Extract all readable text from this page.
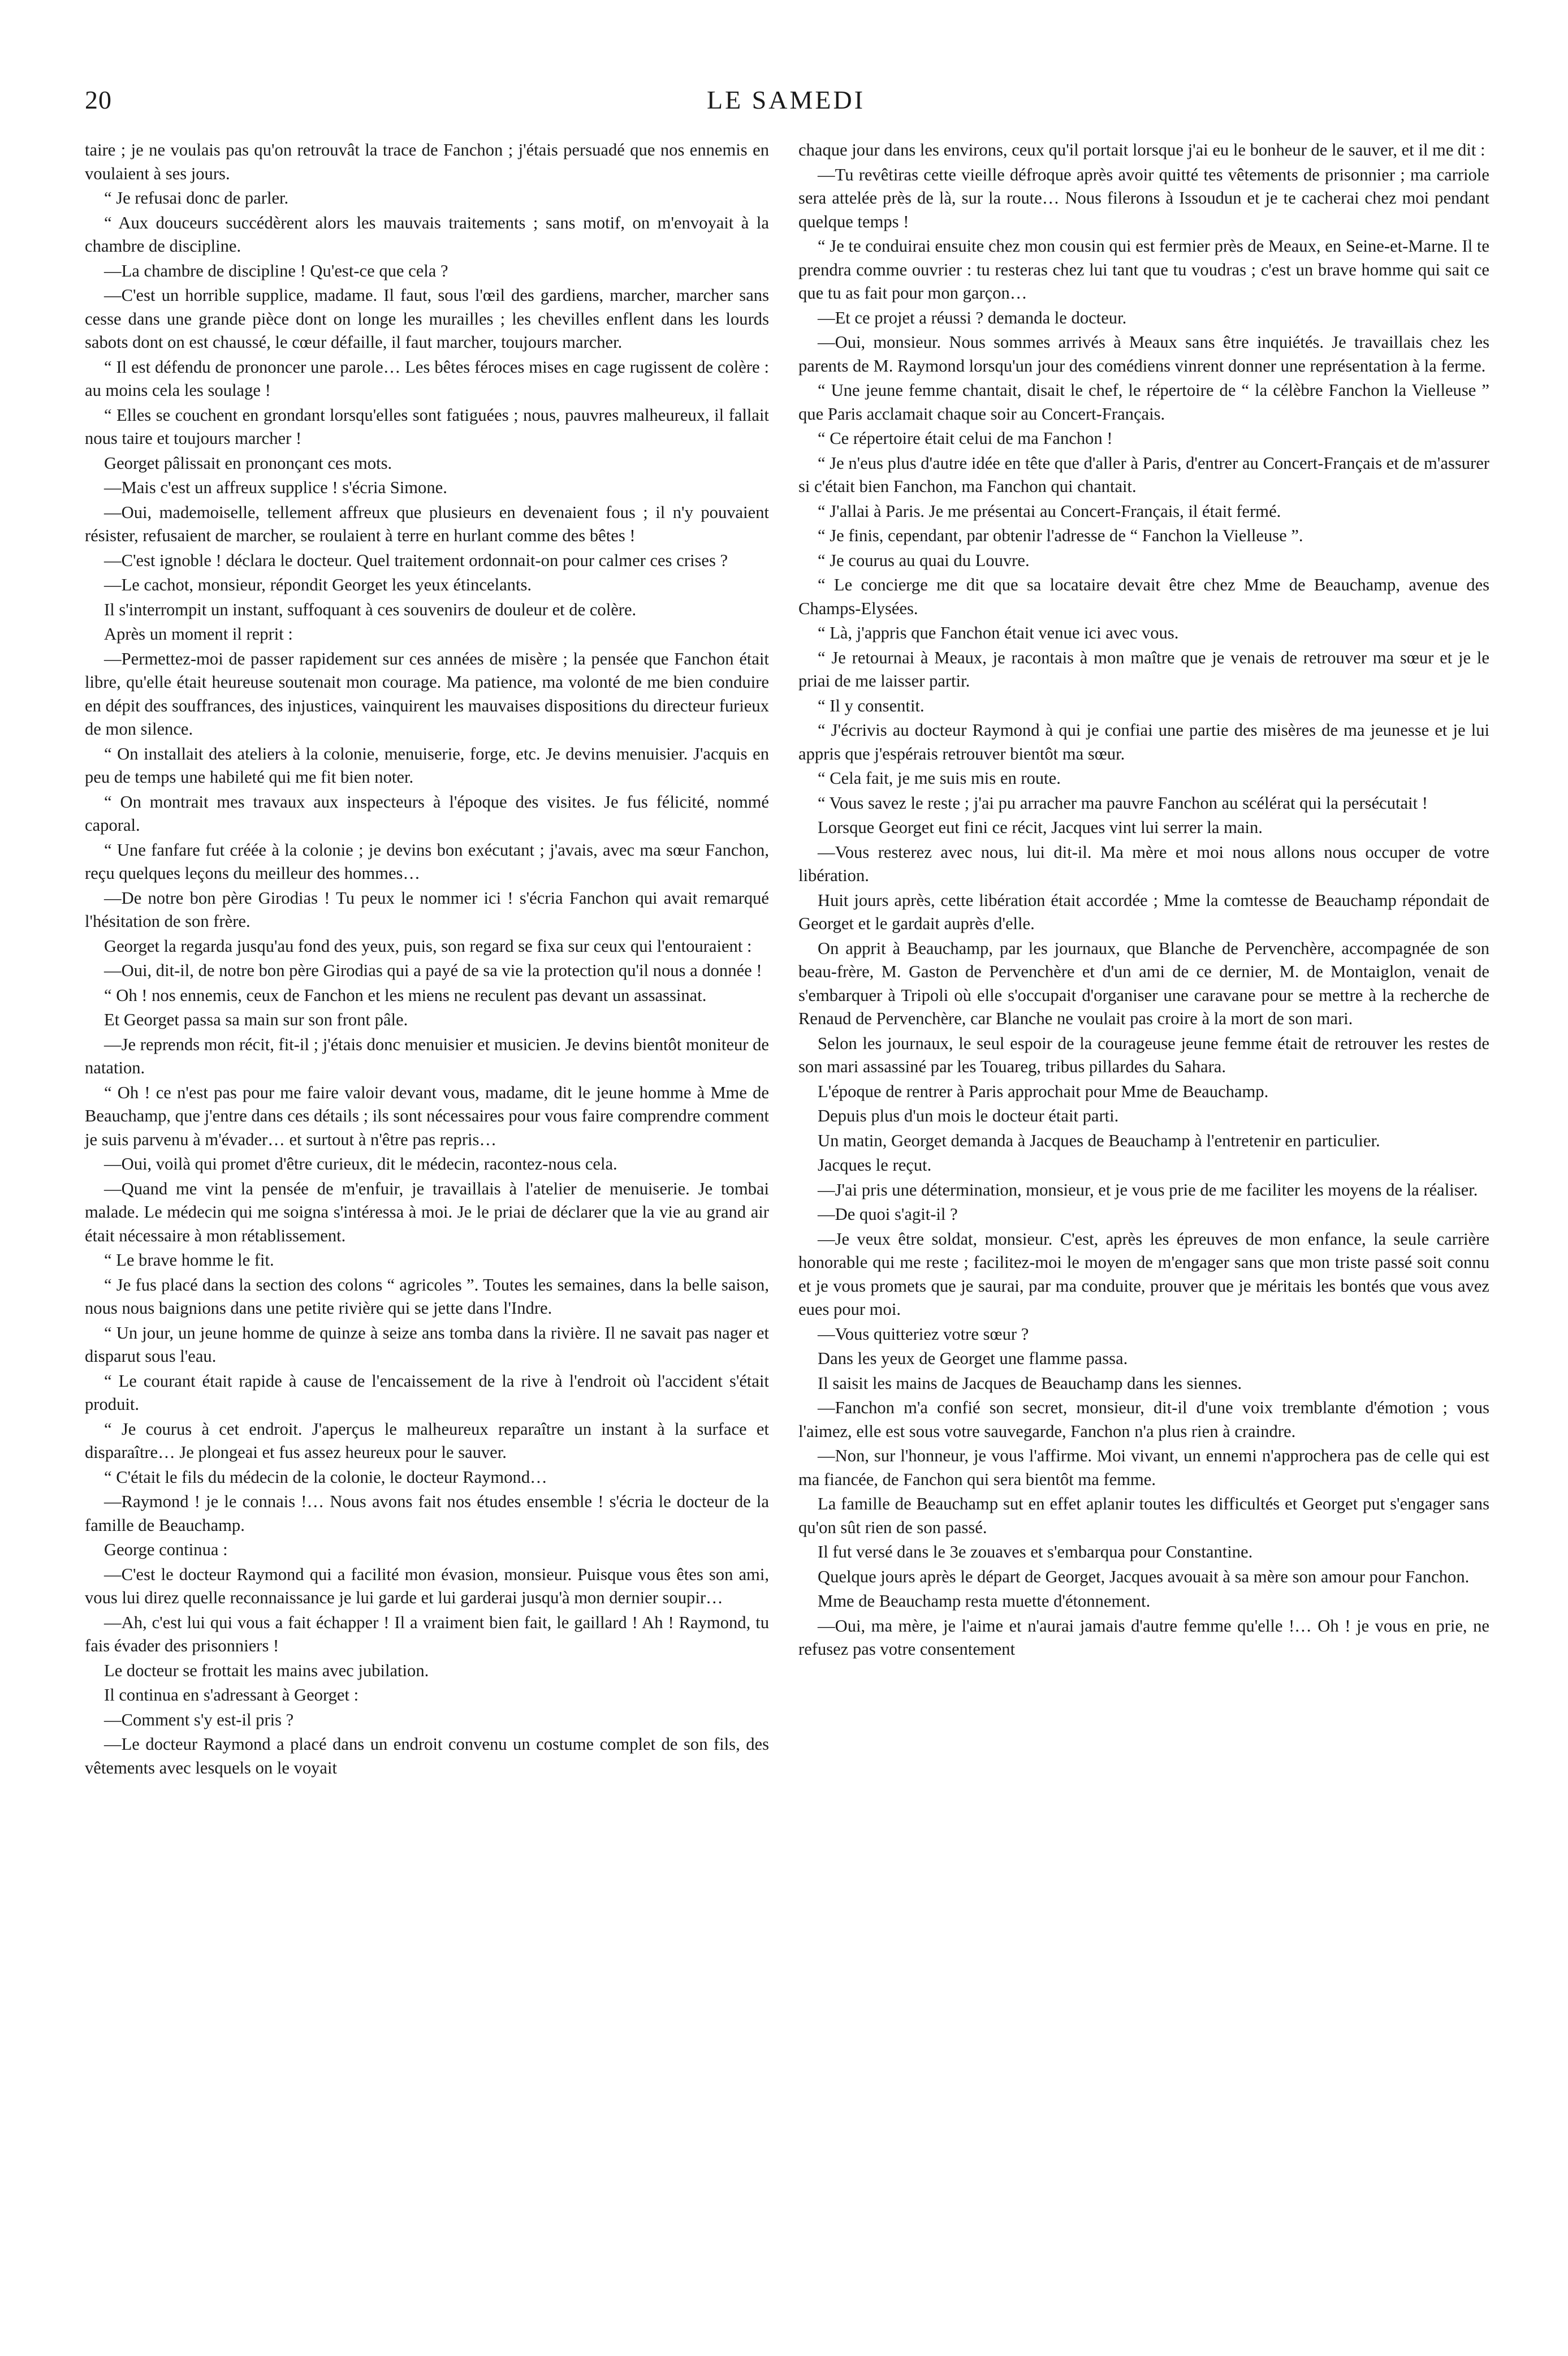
20	LE SAMEDI

taire ; je ne voulais pas qu'on retrouvât la trace de Fanchon ; j'étais persuadé que nos ennemis en voulaient à ses jours.

“ Je refusai donc de parler.

“ Aux douceurs succédèrent alors les mauvais traitements ; sans motif, on m'envoyait à la chambre de discipline.

—La chambre de discipline ! Qu'est-ce que cela ?

—C'est un horrible supplice, madame. Il faut, sous l'œil des gardiens, marcher, marcher sans cesse dans une grande pièce dont on longe les murailles ; les chevilles enflent dans les lourds sabots dont on est chaussé, le cœur défaille, il faut marcher, toujours marcher.

“ Il est défendu de prononcer une parole… Les bêtes féroces mises en cage rugissent de colère : au moins cela les soulage !

“ Elles se couchent en grondant lorsqu'elles sont fatiguées ; nous, pauvres malheureux, il fallait nous taire et toujours marcher !

Georget pâlissait en prononçant ces mots.

—Mais c'est un affreux supplice ! s'écria Simone.

—Oui, mademoiselle, tellement affreux que plusieurs en devenaient fous ; il n'y pouvaient résister, refusaient de marcher, se roulaient à terre en hurlant comme des bêtes !

—C'est ignoble ! déclara le docteur. Quel traitement ordonnait-on pour calmer ces crises ?

—Le cachot, monsieur, répondit Georget les yeux étincelants.

Il s'interrompit un instant, suffoquant à ces souvenirs de douleur et de colère.

Après un moment il reprit :

—Permettez-moi de passer rapidement sur ces années de misère ; la pensée que Fanchon était libre, qu'elle était heureuse soutenait mon courage. Ma patience, ma volonté de me bien conduire en dépit des souffrances, des injustices, vainquirent les mauvaises dispositions du directeur furieux de mon silence.

“ On installait des ateliers à la colonie, menuiserie, forge, etc. Je devins menuisier. J'acquis en peu de temps une habileté qui me fit bien noter.

“ On montrait mes travaux aux inspecteurs à l'époque des visites. Je fus félicité, nommé caporal.

“ Une fanfare fut créée à la colonie ; je devins bon exécutant ; j'avais, avec ma sœur Fanchon, reçu quelques leçons du meilleur des hommes…

—De notre bon père Girodias ! Tu peux le nommer ici ! s'écria Fanchon qui avait remarqué l'hésitation de son frère.

Georget la regarda jusqu'au fond des yeux, puis, son regard se fixa sur ceux qui l'entouraient :

—Oui, dit-il, de notre bon père Girodias qui a payé de sa vie la protection qu'il nous a donnée !

“ Oh ! nos ennemis, ceux de Fanchon et les miens ne reculent pas devant un assassinat.

Et Georget passa sa main sur son front pâle.

—Je reprends mon récit, fit-il ; j'étais donc menuisier et musicien. Je devins bientôt moniteur de natation.

“ Oh ! ce n'est pas pour me faire valoir devant vous, madame, dit le jeune homme à Mme de Beauchamp, que j'entre dans ces détails ; ils sont nécessaires pour vous faire comprendre comment je suis parvenu à m'évader… et surtout à n'être pas repris…

—Oui, voilà qui promet d'être curieux, dit le médecin, racontez-nous cela.

—Quand me vint la pensée de m'enfuir, je travaillais à l'atelier de menuiserie. Je tombai malade. Le médecin qui me soigna s'intéressa à moi. Je le priai de déclarer que la vie au grand air était nécessaire à mon rétablissement.

“ Le brave homme le fit.

“ Je fus placé dans la section des colons “ agricoles ”. Toutes les semaines, dans la belle saison, nous nous baignions dans une petite rivière qui se jette dans l'Indre.

“ Un jour, un jeune homme de quinze à seize ans tomba dans la rivière. Il ne savait pas nager et disparut sous l'eau.

“ Le courant était rapide à cause de l'encaissement de la rive à l'endroit où l'accident s'était produit.

“ Je courus à cet endroit. J'aperçus le malheureux reparaître un instant à la surface et disparaître… Je plongeai et fus assez heureux pour le sauver.

“ C'était le fils du médecin de la colonie, le docteur Raymond…

—Raymond ! je le connais !… Nous avons fait nos études ensemble ! s'écria le docteur de la famille de Beauchamp.

George continua :

—C'est le docteur Raymond qui a facilité mon évasion, monsieur. Puisque vous êtes son ami, vous lui direz quelle reconnaissance je lui garde et lui garderai jusqu'à mon dernier soupir…

—Ah, c'est lui qui vous a fait échapper ! Il a vraiment bien fait, le gaillard ! Ah ! Raymond, tu fais évader des prisonniers !

Le docteur se frottait les mains avec jubilation.

Il continua en s'adressant à Georget :

—Comment s'y est-il pris ?

—Le docteur Raymond a placé dans un endroit convenu un costume complet de son fils, des vêtements avec lesquels on le voyait

chaque jour dans les environs, ceux qu'il portait lorsque j'ai eu le bonheur de le sauver, et il me dit :

—Tu revêtiras cette vieille défroque après avoir quitté tes vêtements de prisonnier ; ma carriole sera attelée près de là, sur la route… Nous filerons à Issoudun et je te cacherai chez moi pendant quelque temps !

“ Je te conduirai ensuite chez mon cousin qui est fermier près de Meaux, en Seine-et-Marne. Il te prendra comme ouvrier : tu resteras chez lui tant que tu voudras ; c'est un brave homme qui sait ce que tu as fait pour mon garçon…

—Et ce projet a réussi ? demanda le docteur.

—Oui, monsieur. Nous sommes arrivés à Meaux sans être inquiétés. Je travaillais chez les parents de M. Raymond lorsqu'un jour des comédiens vinrent donner une représentation à la ferme.

“ Une jeune femme chantait, disait le chef, le répertoire de “ la célèbre Fanchon la Vielleuse ” que Paris acclamait chaque soir au Concert-Français.

“ Ce répertoire était celui de ma Fanchon !

“ Je n'eus plus d'autre idée en tête que d'aller à Paris, d'entrer au Concert-Français et de m'assurer si c'était bien Fanchon, ma Fanchon qui chantait.

“ J'allai à Paris. Je me présentai au Concert-Français, il était fermé.

“ Je finis, cependant, par obtenir l'adresse de “ Fanchon la Vielleuse ”.

“ Je courus au quai du Louvre.

“ Le concierge me dit que sa locataire devait être chez Mme de Beauchamp, avenue des Champs-Elysées.

“ Là, j'appris que Fanchon était venue ici avec vous.

“ Je retournai à Meaux, je racontais à mon maître que je venais de retrouver ma sœur et je le priai de me laisser partir.

“ Il y consentit.

“ J'écrivis au docteur Raymond à qui je confiai une partie des misères de ma jeunesse et je lui appris que j'espérais retrouver bientôt ma sœur.

“ Cela fait, je me suis mis en route.

“ Vous savez le reste ; j'ai pu arracher ma pauvre Fanchon au scélérat qui la persécutait !

Lorsque Georget eut fini ce récit, Jacques vint lui serrer la main.

—Vous resterez avec nous, lui dit-il. Ma mère et moi nous allons nous occuper de votre libération.

Huit jours après, cette libération était accordée ; Mme la comtesse de Beauchamp répondait de Georget et le gardait auprès d'elle.

On apprit à Beauchamp, par les journaux, que Blanche de Pervenchère, accompagnée de son beau-frère, M. Gaston de Pervenchère et d'un ami de ce dernier, M. de Montaiglon, venait de s'embarquer à Tripoli où elle s'occupait d'organiser une caravane pour se mettre à la recherche de Renaud de Pervenchère, car Blanche ne voulait pas croire à la mort de son mari.

Selon les journaux, le seul espoir de la courageuse jeune femme était de retrouver les restes de son mari assassiné par les Touareg, tribus pillardes du Sahara.

L'époque de rentrer à Paris approchait pour Mme de Beauchamp.

Depuis plus d'un mois le docteur était parti.

Un matin, Georget demanda à Jacques de Beauchamp à l'entretenir en particulier.

Jacques le reçut.

—J'ai pris une détermination, monsieur, et je vous prie de me faciliter les moyens de la réaliser.

—De quoi s'agit-il ?

—Je veux être soldat, monsieur. C'est, après les épreuves de mon enfance, la seule carrière honorable qui me reste ; facilitez-moi le moyen de m'engager sans que mon triste passé soit connu et je vous promets que je saurai, par ma conduite, prouver que je méritais les bontés que vous avez eues pour moi.

—Vous quitteriez votre sœur ?

Dans les yeux de Georget une flamme passa.

Il saisit les mains de Jacques de Beauchamp dans les siennes.

—Fanchon m'a confié son secret, monsieur, dit-il d'une voix tremblante d'émotion ; vous l'aimez, elle est sous votre sauvegarde, Fanchon n'a plus rien à craindre.

—Non, sur l'honneur, je vous l'affirme. Moi vivant, un ennemi n'approchera pas de celle qui est ma fiancée, de Fanchon qui sera bientôt ma femme.

La famille de Beauchamp sut en effet aplanir toutes les difficultés et Georget put s'engager sans qu'on sût rien de son passé.

Il fut versé dans le 3e zouaves et s'embarqua pour Constantine.

Quelque jours après le départ de Georget, Jacques avouait à sa mère son amour pour Fanchon.

Mme de Beauchamp resta muette d'étonnement.

—Oui, ma mère, je l'aime et n'aurai jamais d'autre femme qu'elle !… Oh ! je vous en prie, ne refusez pas votre consentement
